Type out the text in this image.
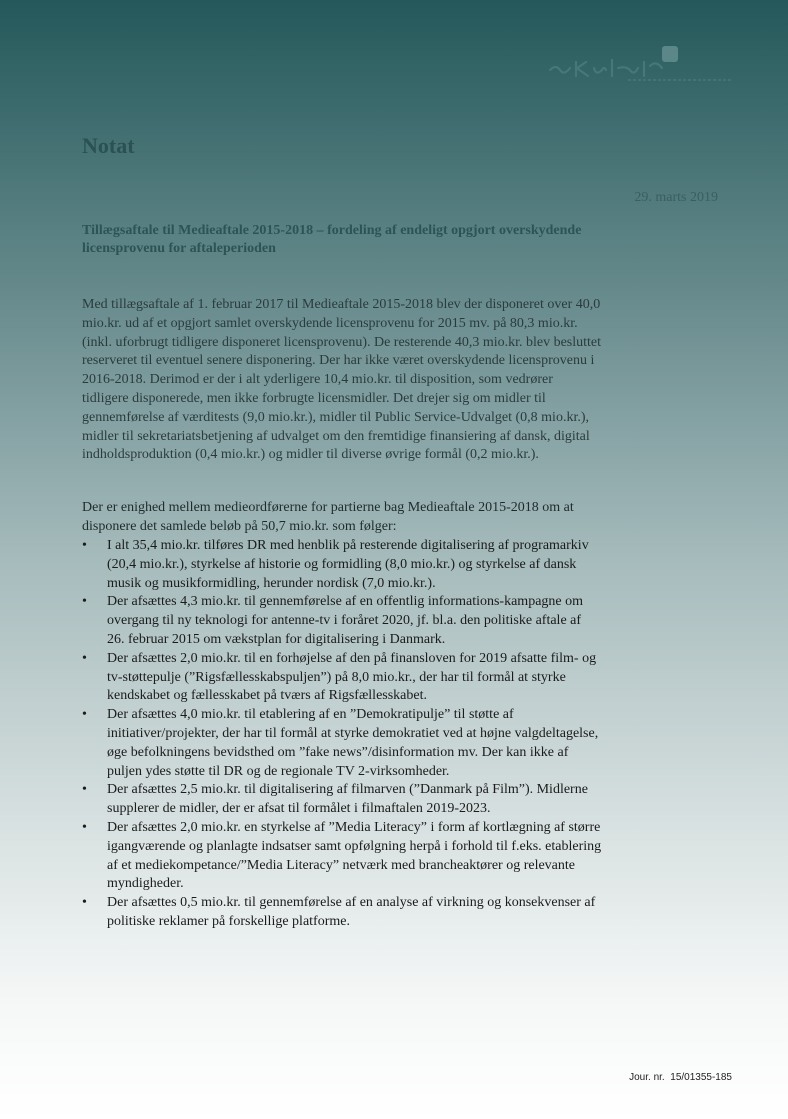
Notat
29. marts 2019
Tillægsaftale til Medieaftale 2015-2018 – fordeling af endeligt opgjort overskydende licensprovenu for aftaleperioden

Med tillægsaftale af 1. februar 2017 til Medieaftale 2015-2018 blev der disponeret over 40,0 mio.kr. ud af et opgjort samlet overskydende licensprovenu for 2015 mv. på 80,3 mio.kr. (inkl. uforbrugt tidligere disponeret licensprovenu). De resterende 40,3 mio.kr. blev besluttet reserveret til eventuel senere disponering. Der har ikke været overskydende licensprovenu i 2016-2018. Derimod er der i alt yderligere 10,4 mio.kr. til disposition, som vedrører tidligere disponerede, men ikke forbrugte licensmidler. Det drejer sig om midler til gennemførelse af værditests (9,0 mio.kr.), midler til Public Service-Udvalget (0,8 mio.kr.), midler til sekretariatsbetjening af udvalget om den fremtidige finansiering af dansk, digital indholdsproduktion (0,4 mio.kr.) og midler til diverse øvrige formål (0,2 mio.kr.).

Der er enighed mellem medieordførerne for partierne bag Medieaftale 2015-2018 om at disponere det samlede beløb på 50,7 mio.kr. som følger:

• I alt 35,4 mio.kr. tilføres DR med henblik på resterende digitalisering af programarkiv (20,4 mio.kr.), styrkelse af historie og formidling (8,0 mio.kr.) og styrkelse af dansk musik og musikformidling, herunder nordisk (7,0 mio.kr.).
• Der afsættes 4,3 mio.kr. til gennemførelse af en offentlig informations-kampagne om overgang til ny teknologi for antenne-tv i foråret 2020, jf. bl.a. den politiske aftale af 26. februar 2015 om vækstplan for digitalisering i Danmark.
• Der afsættes 2,0 mio.kr. til en forhøjelse af den på finansloven for 2019 afsatte film- og tv-støttepulje (”Rigsfællesskabspuljen”) på 8,0 mio.kr., der har til formål at styrke kendskabet og fællesskabet på tværs af Rigsfællesskabet.
• Der afsættes 4,0 mio.kr. til etablering af en ”Demokratipulje” til støtte af initiativer/projekter, der har til formål at styrke demokratiet ved at højne valgdeltagelse, øge befolkningens bevidsthed om ”fake news”/disinformation mv. Der kan ikke af puljen ydes støtte til DR og de regionale TV 2-virksomheder.
• Der afsættes 2,5 mio.kr. til digitalisering af filmarven (”Danmark på Film”). Midlerne supplerer de midler, der er afsat til formålet i filmaftalen 2019-2023.
• Der afsættes 2,0 mio.kr. en styrkelse af ”Media Literacy” i form af kortlægning af større igangværende og planlagte indsatser samt opfølgning herpå i forhold til f.eks. etablering af et mediekompetance/”Media Literacy” netværk med brancheaktører og relevante myndigheder.
• Der afsættes 0,5 mio.kr. til gennemførelse af en analyse af virkning og konsekvenser af politiske reklamer på forskellige platforme.
Jour. nr. 15/01355-185
